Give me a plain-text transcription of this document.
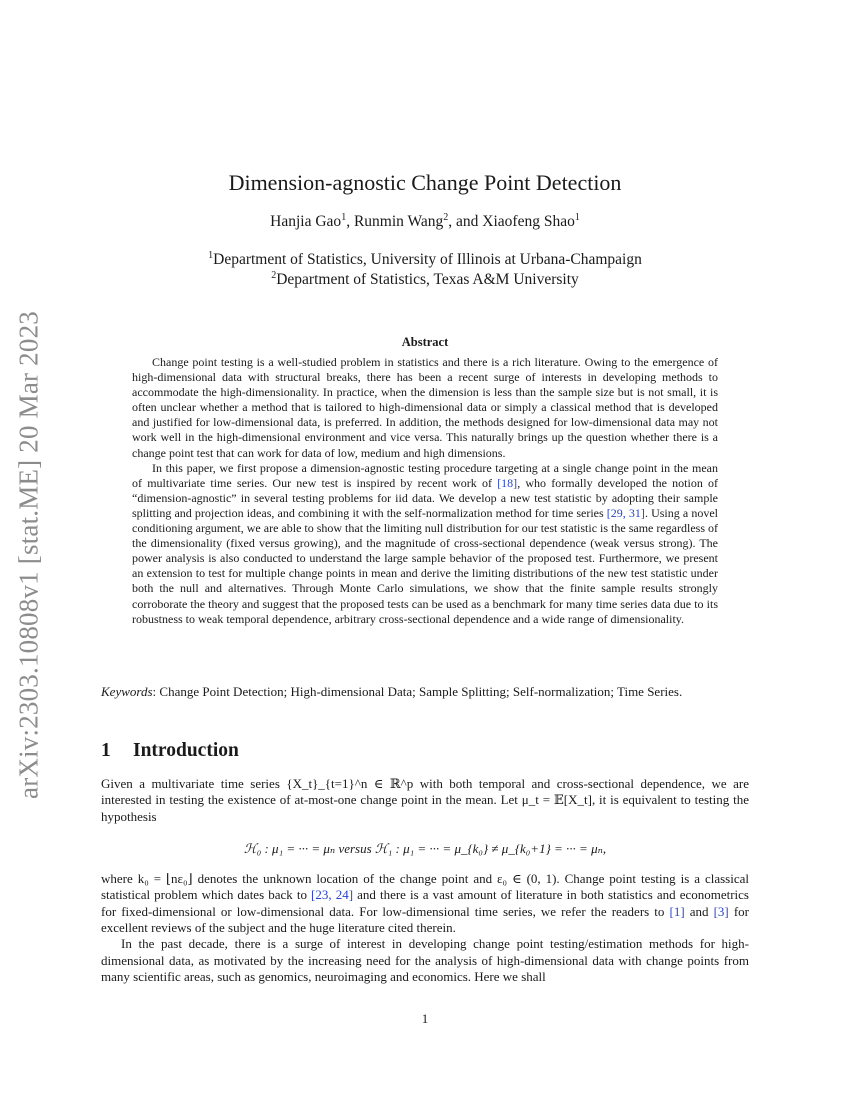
arXiv:2303.10808v1 [stat.ME] 20 Mar 2023
Dimension-agnostic Change Point Detection
Hanjia Gao$^1$, Runmin Wang$^2$, and Xiaofeng Shao$^1$
$^1$Department of Statistics, University of Illinois at Urbana-Champaign
$^2$Department of Statistics, Texas A&M University
Abstract

Change point testing is a well-studied problem in statistics and there is a rich literature. Owing to the emergence of high-dimensional data with structural breaks, there has been a recent surge of interests in developing methods to accommodate the high-dimensionality. In practice, when the dimension is less than the sample size but is not small, it is often unclear whether a method that is tailored to high-dimensional data or simply a classical method that is developed and justified for low-dimensional data, is preferred. In addition, the methods designed for low-dimensional data may not work well in the high-dimensional environment and vice versa. This naturally brings up the question whether there is a change point test that can work for data of low, medium and high dimensions.

In this paper, we first propose a dimension-agnostic testing procedure targeting at a single change point in the mean of multivariate time series. Our new test is inspired by recent work of [18], who formally developed the notion of “dimension-agnostic” in several testing problems for iid data. We develop a new test statistic by adopting their sample splitting and projection ideas, and combining it with the self-normalization method for time series [29, 31]. Using a novel conditioning argument, we are able to show that the limiting null distribution for our test statistic is the same regardless of the dimensionality (fixed versus growing), and the magnitude of cross-sectional dependence (weak versus strong). The power analysis is also conducted to understand the large sample behavior of the proposed test. Furthermore, we present an extension to test for multiple change points in mean and derive the limiting distributions of the new test statistic under both the null and alternatives. Through Monte Carlo simulations, we show that the finite sample results strongly corroborate the theory and suggest that the proposed tests can be used as a benchmark for many time series data due to its robustness to weak temporal dependence, arbitrary cross-sectional dependence and a wide range of dimensionality.

Keywords: Change Point Detection; High-dimensional Data; Sample Splitting; Self-normalization; Time Series.
1 Introduction

Given a multivariate time series {X_t}_{t=1}^n ∈ ℝ^p with both temporal and cross-sectional dependence, we are interested in testing the existence of at-most-one change point in the mean. Let μ_t = 𝔼[X_t], it is equivalent to testing the hypothesis

ℋ₀ : μ₁ = ··· = μₙ versus ℋ₁ : μ₁ = ··· = μ_{k₀} ≠ μ_{k₀+1} = ··· = μₙ,

where k₀ = ⌊nε₀⌋ denotes the unknown location of the change point and ε₀ ∈ (0, 1). Change point testing is a classical statistical problem which dates back to [23, 24] and there is a vast amount of literature in both statistics and econometrics for fixed-dimensional or low-dimensional data. For low-dimensional time series, we refer the readers to [1] and [3] for excellent reviews of the subject and the huge literature cited therein.

In the past decade, there is a surge of interest in developing change point testing/estimation methods for high-dimensional data, as motivated by the increasing need for the analysis of high-dimensional data with change points from many scientific areas, such as genomics, neuroimaging and economics. Here we shall

1
